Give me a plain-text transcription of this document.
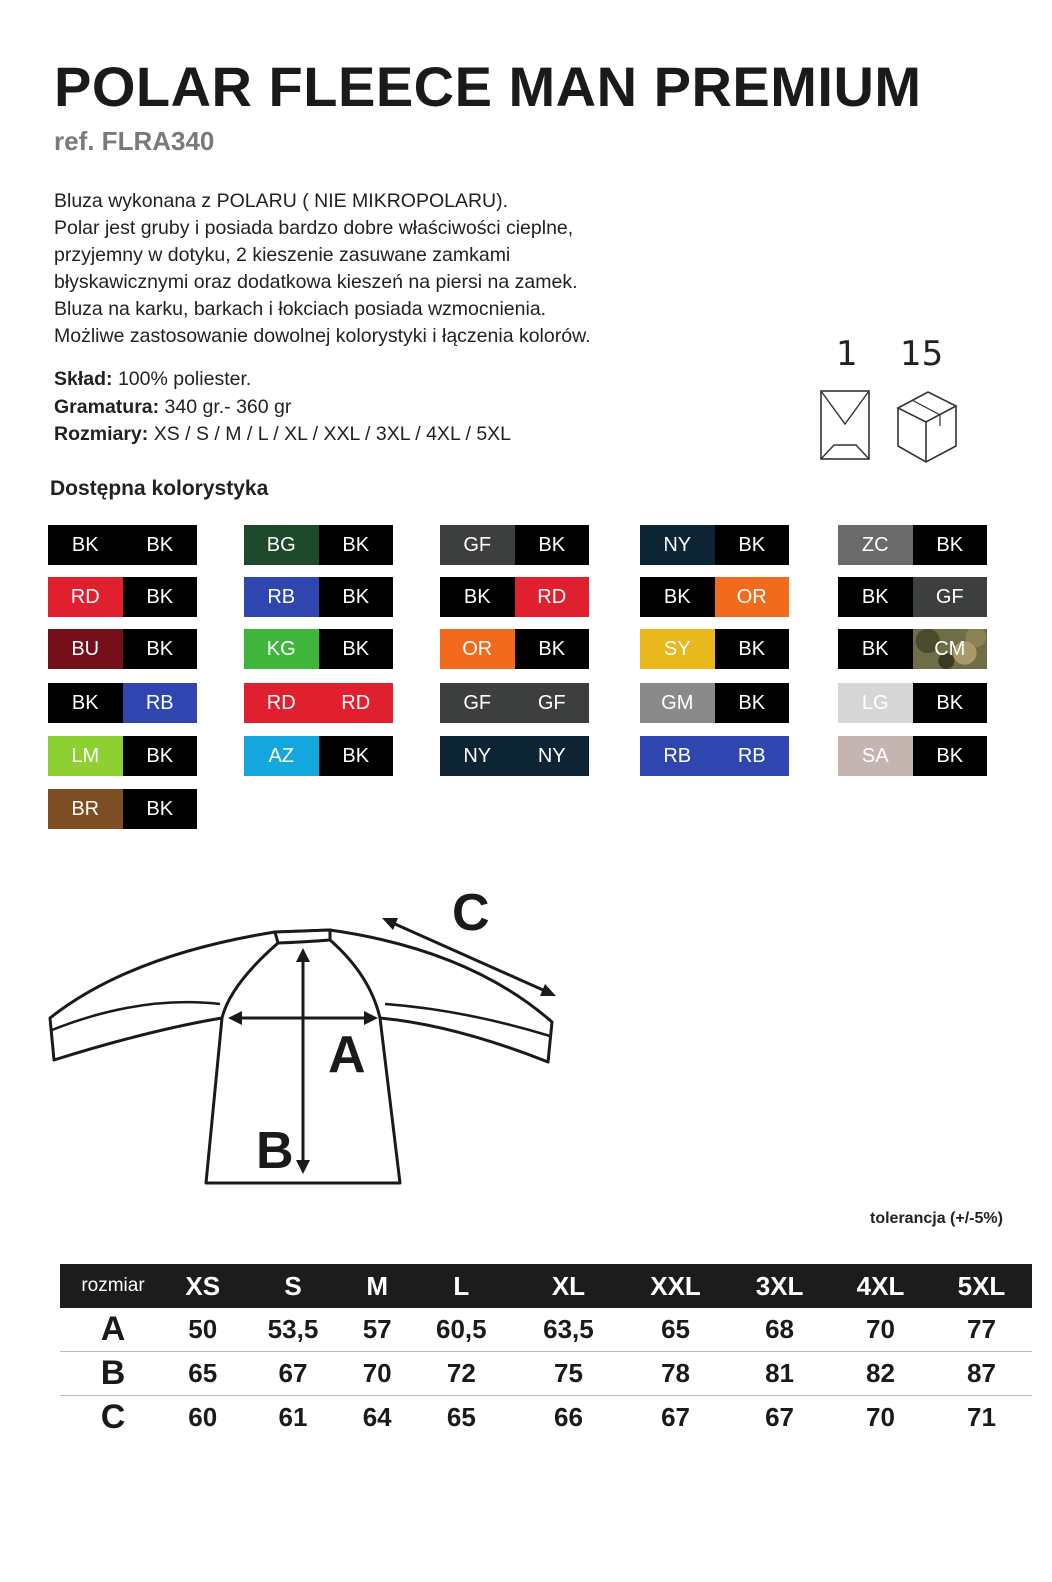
POLAR FLEECE MAN PREMIUM
ref. FLRA340
Bluza wykonana z POLARU ( NIE MIKROPOLARU).
Polar jest gruby i posiada bardzo dobre właściwości cieplne,
przyjemny w dotyku, 2 kieszenie zasuwane zamkami
błyskawicznymi oraz dodatkowa kieszeń na piersi na zamek.
Bluza na karku, barkach i łokciach posiada wzmocnienia.
Możliwe zastosowanie dowolnej kolorystyki i łączenia kolorów.
Skład: 100% poliester.
Gramatura: 340 gr.- 360 gr
Rozmiary: XS / S / M / L / XL / XXL / 3XL / 4XL / 5XL
1 15
Dostępna kolorystyka
BK	BK
RD	BK
BU	BK
BK	RB
LM	BK
BR	BK
BG	BK
RB	BK
KG	BK
RD	RD
AZ	BK
GF	BK
BK	RD
OR	BK
GF	GF
NY	NY
NY	BK
BK	OR
SY	BK
GM	BK
RB	RB
ZC	BK
BK	GF
BK	CM
LG	BK
SA	BK
A
B
C
tolerancja (+/-5%)
rozmiar	XS	S	M	L	XL	XXL	3XL	4XL	5XL
A	50	53,5	57	60,5	63,5	65	68	70	77
B	65	67	70	72	75	78	81	82	87
C	60	61	64	65	66	67	67	70	71
